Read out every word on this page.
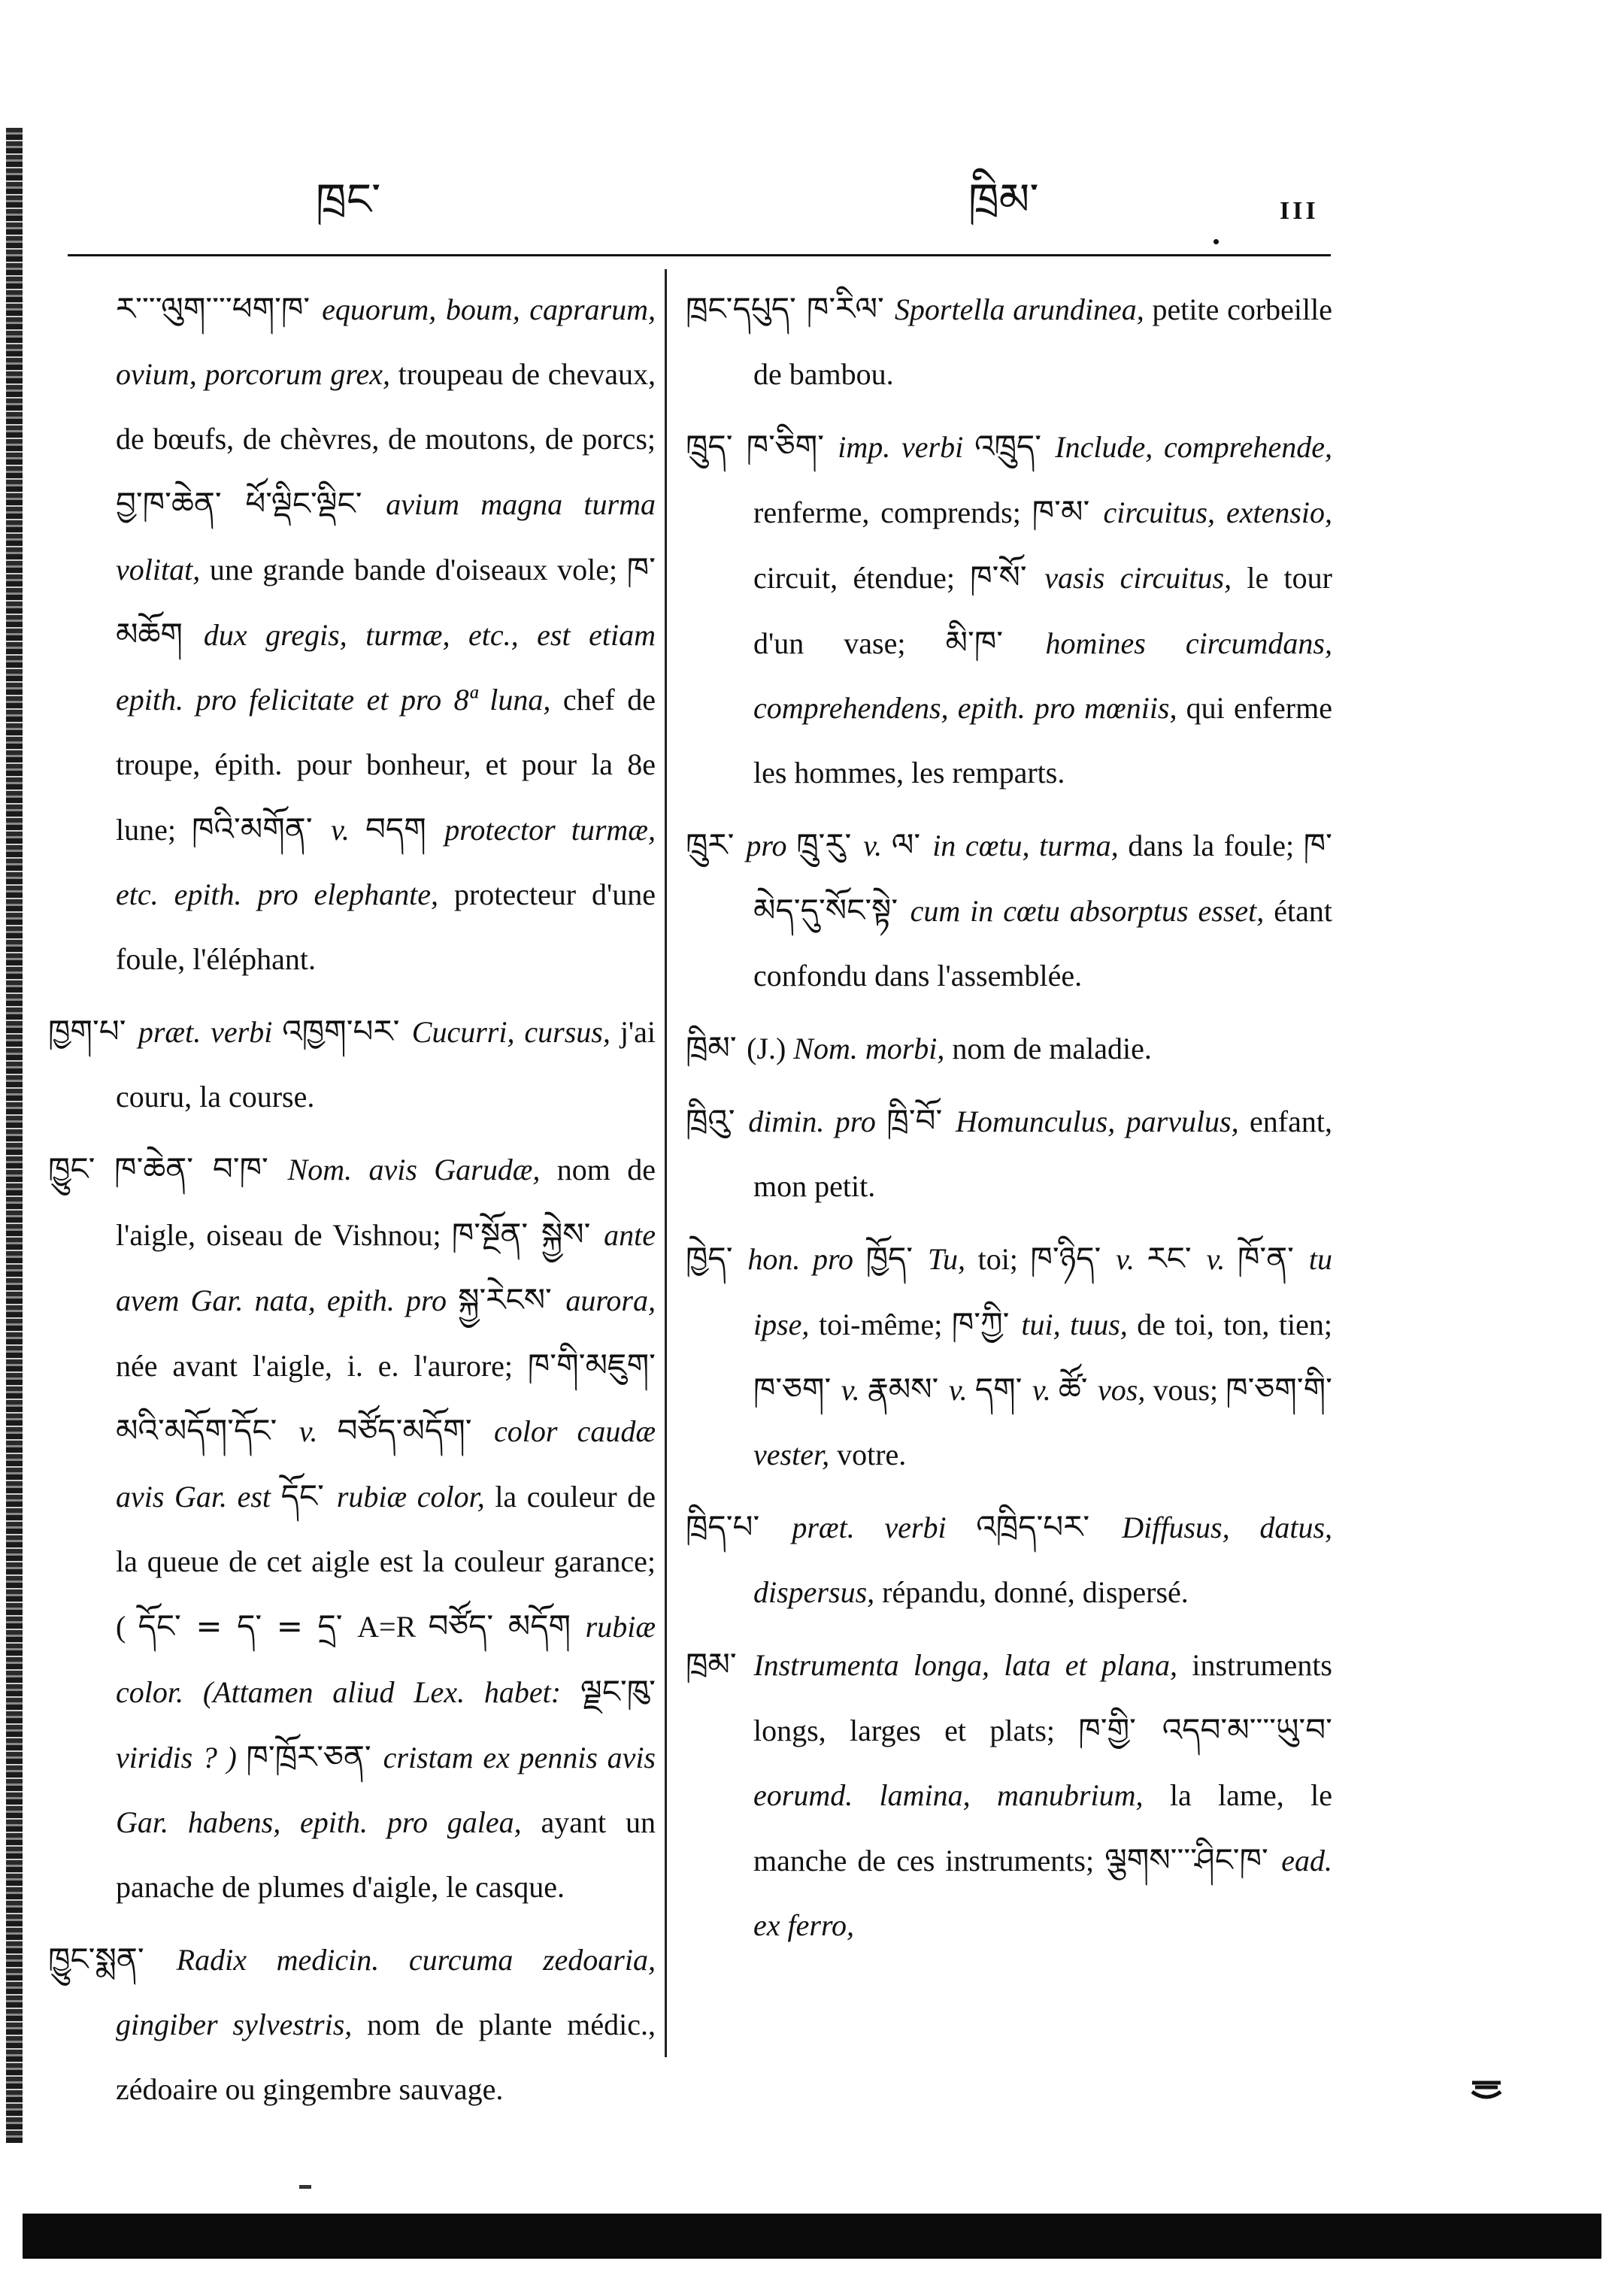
ཁྲང་	ཁྲིམ་	III

ར་་་་ལུག་་་་ཕག་ཁ་ equorum, boum, caprarum, ovium, porcorum grex, troupeau de chevaux, de bœufs, de chèvres, de moutons, de porcs; བྱ་ཁ་ཆེན་ ཕོ་ལྡིང་ལྡིང་ avium magna turma volitat, une grande bande d'oiseaux vole; ཁ་མཆོག dux gregis, turmæ, etc., est etiam epith. pro felicitate et pro 8ª luna, chef de troupe, épith. pour bonheur, et pour la 8e lune; ཁའི་མགོན་ v. བདག protector turmæ, etc. epith. pro elephante, protecteur d'une foule, l'éléphant.

ཁྱག་པ་ præt. verbi འཁྱག་པར་ Cucurri, cursus, j'ai couru, la course.

ཁྱུང་ ཁ་ཆེན་ བ་ཁ་ Nom. avis Garudæ, nom de l'aigle, oiseau de Vishnou; ཁ་སྔོན་ སྐྱེས་ ante avem Gar. nata, epith. pro སྐྱ་རེངས་ aurora, née avant l'aigle, i. e. l'aurore; ཁ་གི་མཇུག་མའི་མདོག་དོང་ v. བཙོད་མདོག་ color caudæ avis Gar. est དོང་ rubiæ color, la couleur de la queue de cet aigle est la couleur garance; ( དོང་ = ད་ = དྲ་ A=R བཙོད་ མདོག rubiæ color. (Attamen aliud Lex. habet: ལྗང་ཁུ་ viridis ? ) ཁ་ཁྲོར་ཅན་ cristam ex pennis avis Gar. habens, epith. pro galea, ayant un panache de plumes d'aigle, le casque.

ཁྱུང་སྨན་ Radix medicin. curcuma zedoaria, gingiber sylvestris, nom de plante médic., zédoaire ou gingembre sauvage.

ཁྲང་དཔུད་ ཁ་རིལ་ Sportella arundinea, petite corbeille de bambou.

ཁྲུད་ ཁ་ཅིག་ imp. verbi འཁྲུད་ Include, comprehende, renferme, comprends; ཁ་མ་ circuitus, extensio, circuit, étendue; ཁ་སོ་ vasis circuitus, le tour d'un vase; མི་ཁ་ homines circumdans, comprehendens, epith. pro mœniis, qui enferme les hommes, les remparts.

ཁྲུར་ pro ཁྲུ་རུ་ v. ལ་ in cœtu, turma, dans la foule; ཁ་མེད་དུ་སོང་སྟེ་ cum in cœtu absorptus esset, étant confondu dans l'assemblée.

ཁྲིམ་ (J.) Nom. morbi, nom de maladie.

ཁྲིའུ་ dimin. pro ཁྲི་བོ་ Homunculus, parvulus, enfant, mon petit.

ཁྱེད་ hon. pro ཁྱོད་ Tu, toi; ཁ་ཉིད་ v. རང་ v. ཁོ་ན་ tu ipse, toi-même; ཁ་ཀྱི་ tui, tuus, de toi, ton, tien; ཁ་ཅག་ v. རྣམས་ v. དག་ v. ཚོ་ vos, vous; ཁ་ཅག་གི་ vester, votre.

ཁྲིད་པ་ præt. verbi འཁྲིད་པར་ Diffusus, datus, dispersus, répandu, donné, dispersé.

ཁྲམ་ Instrumenta longa, lata et plana, instruments longs, larges et plats; ཁ་གྱི་ འདབ་མ་་་་ཡུ་བ་ eorumd. lamina, manubrium, la lame, le manche de ces instruments; ལྕགས་་་་ཤིང་ཁ་ ead. ex ferro,
